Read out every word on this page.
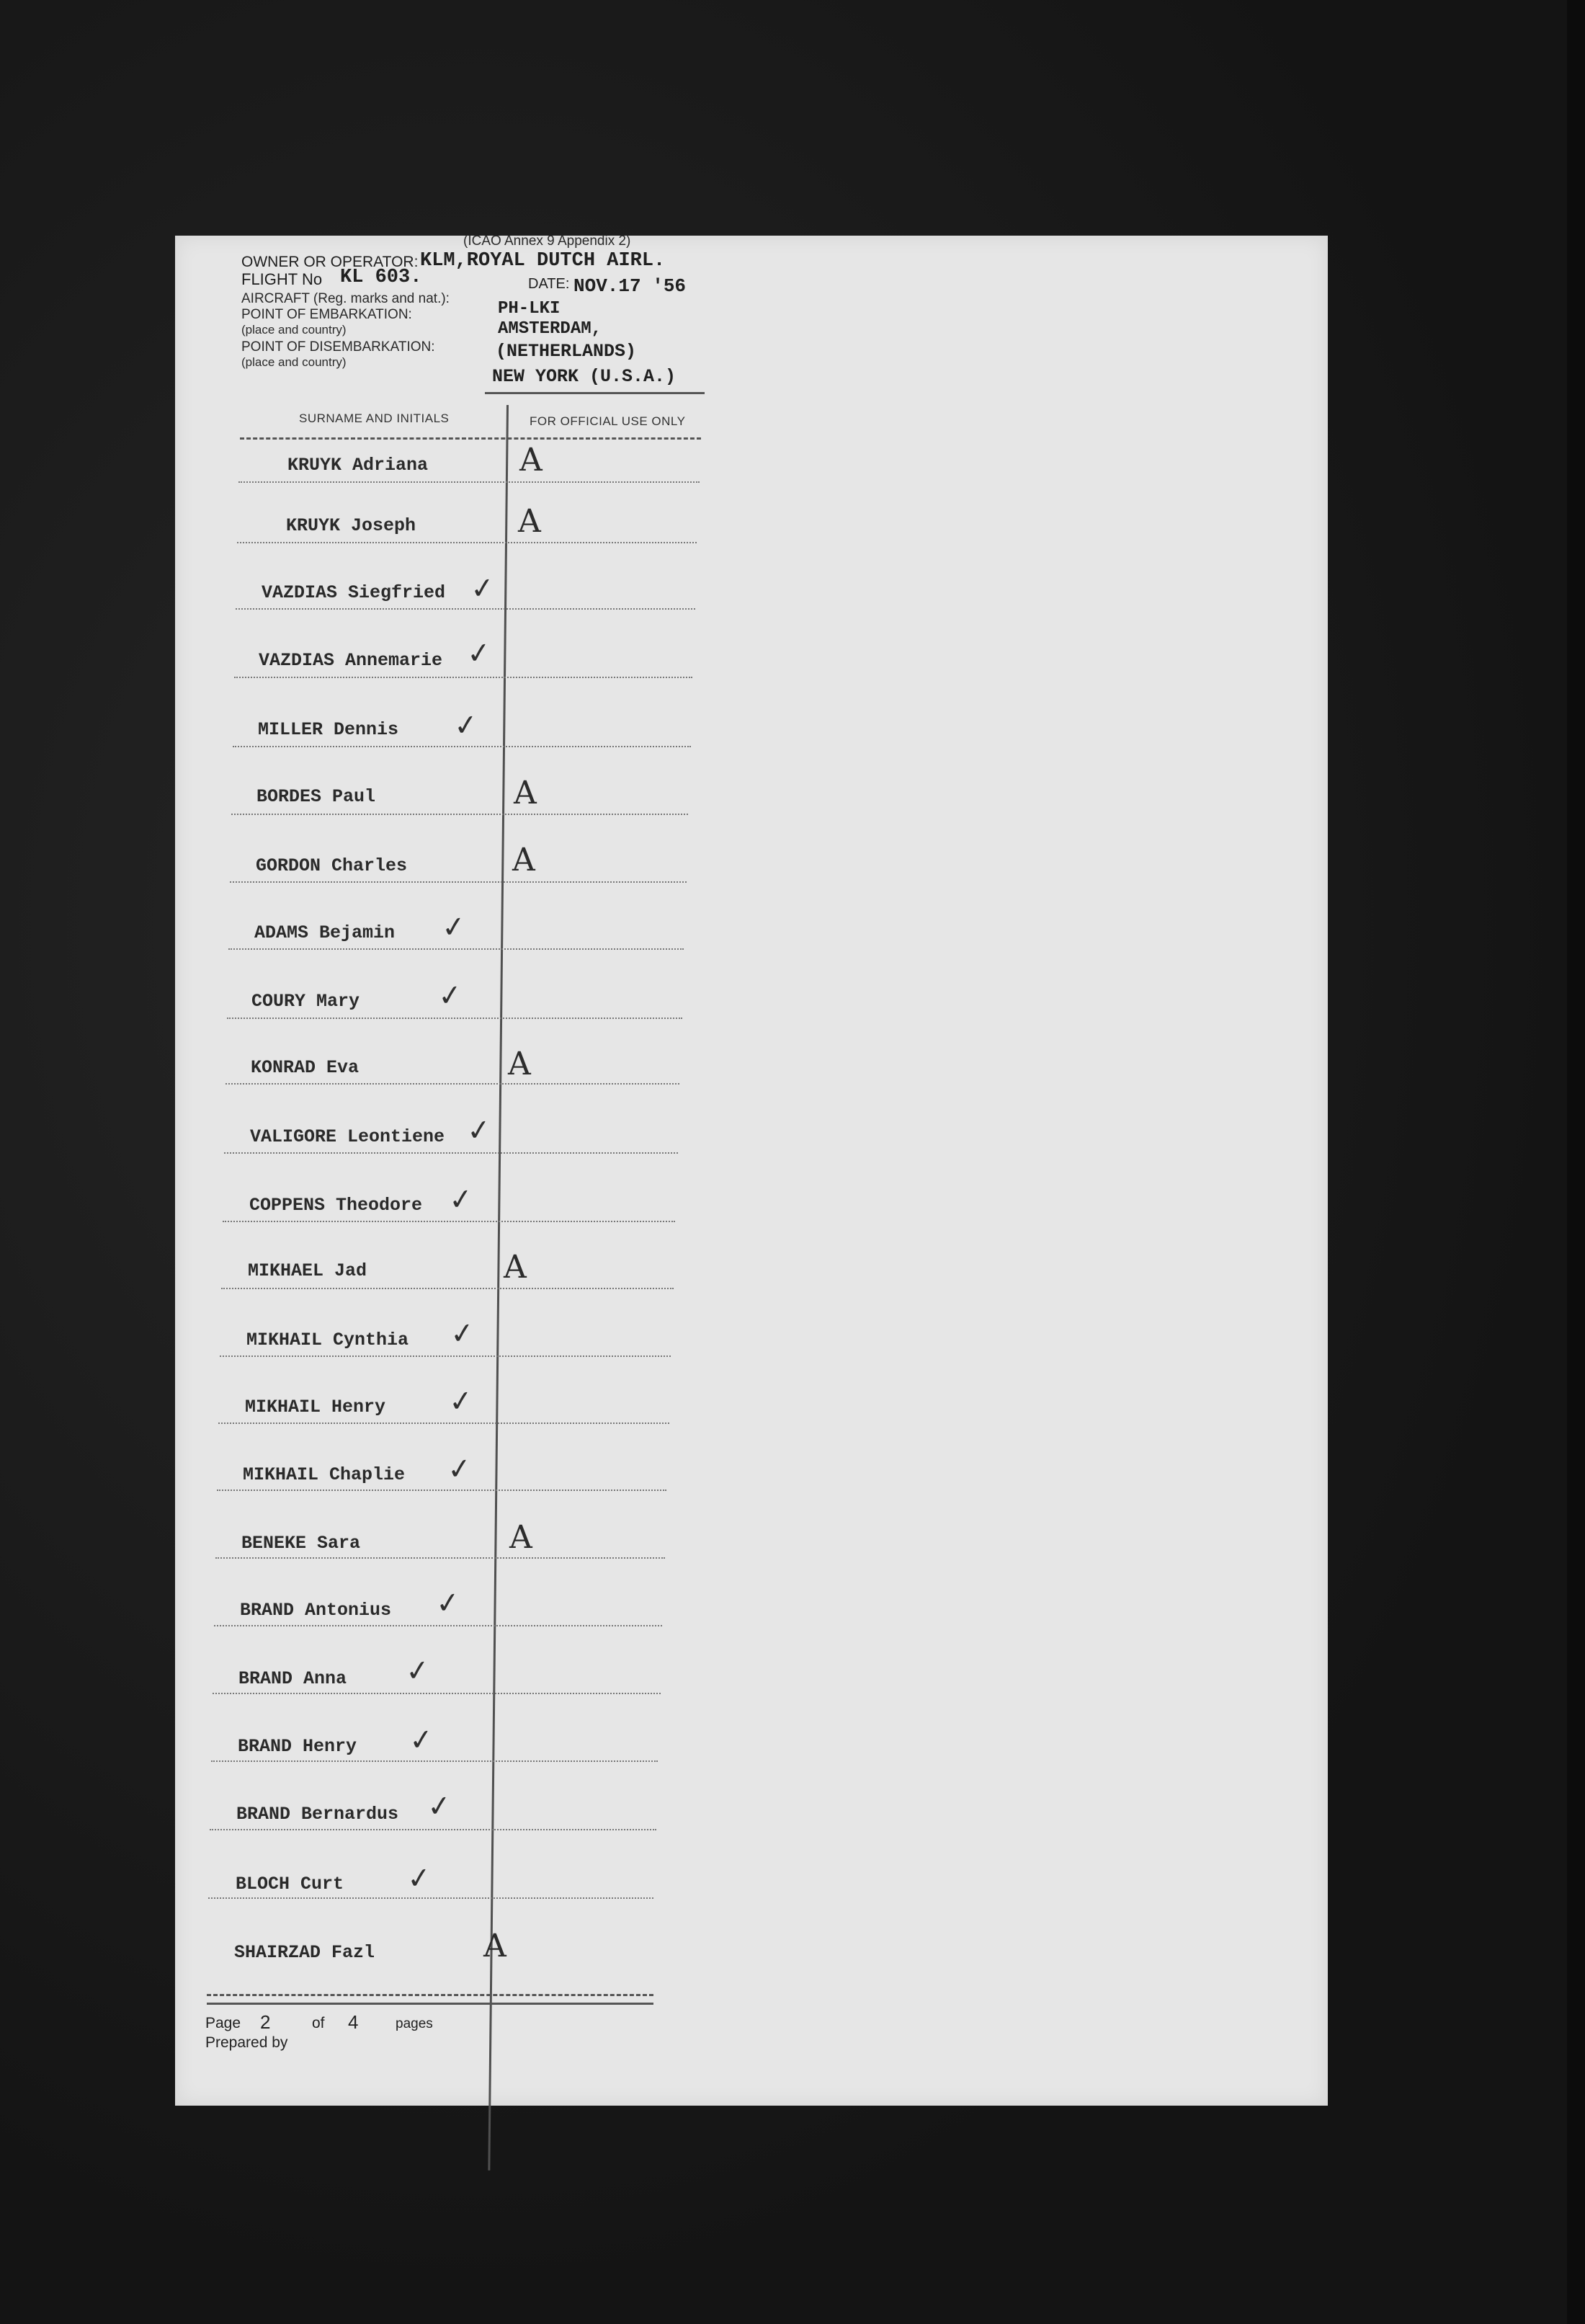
(ICAO Annex 9 Appendix 2)
OWNER OR OPERATOR: KLM,ROYAL DUTCH AIRL.
FLIGHT No KL 603.	DATE: NOV.17 '56
AIRCRAFT (Reg. marks and nat.):
PH-LKI
POINT OF EMBARKATION:
(place and country)	AMSTERDAM,
(NETHERLANDS)
POINT OF DISEMBARKATION:
(place and country)
NEW YORK (U.S.A.)
SURNAME AND INITIALS	FOR OFFICIAL USE ONLY
KRUYK Adriana	A
KRUYK Joseph	A
VAZDIAS Siegfried ✓
VAZDIAS Annemarie ✓
MILLER Dennis ✓
BORDES Paul	A
GORDON Charles	A
ADAMS Bejamin ✓
COURY Mary	✓
KONRAD Eva	A
VALIGORE Leontiene ✓
COPPENS Theodore ✓
MIKHAEL Jad	A
MIKHAIL Cynthia ✓
MIKHAIL Henry ✓
MIKHAIL Chaplie ✓
BENEKE Sara	A
BRAND Antonius ✓
BRAND Anna ✓
BRAND Henry ✓
BRAND Bernardus ✓
BLOCH Curt ✓
SHAIRZAD Fazl	A
Page 2	of 4	pages
Prepared by
